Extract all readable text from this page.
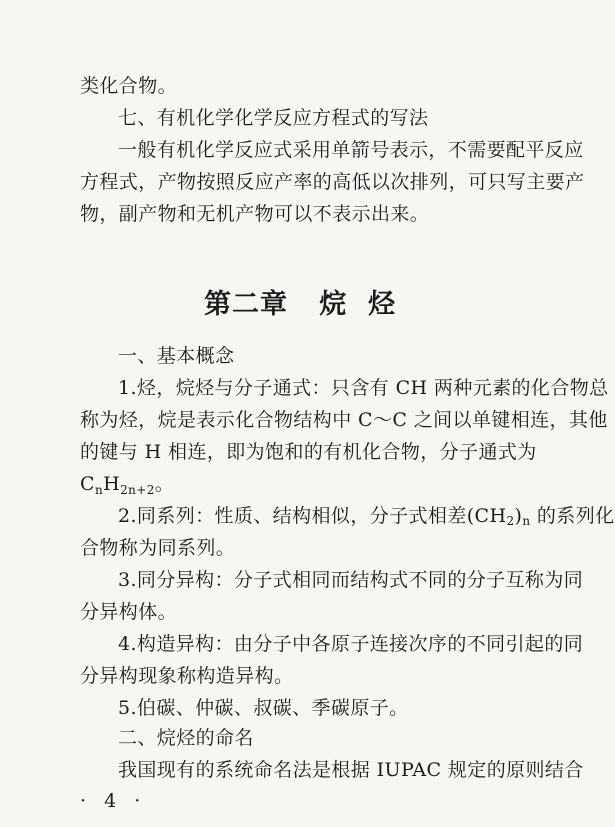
类化合物。
七、有机化学化学反应方程式的写法
一般有机化学反应式采用单箭号表示，不需要配平反应
方程式，产物按照反应产率的高低以次排列，可只写主要产
物，副产物和无机产物可以不表示出来。
第二章   烷  烃
一、基本概念
1.烃，烷烃与分子通式：只含有 CH 两种元素的化合物总
称为烃，烷是表示化合物结构中 C～C 之间以单键相连，其他
的键与 H 相连，即为饱和的有机化合物，分子通式为
$C_nH_{2n+2}$。
2.同系列：性质、结构相似，分子式相差(CH2)n 的系列化
合物称为同系列。
3.同分异构：分子式相同而结构式不同的分子互称为同
分异构体。
4.构造异构：由分子中各原子连接次序的不同引起的同
分异构现象称构造异构。
5.伯碳、仲碳、叔碳、季碳原子。
二、烷烃的命名
我国现有的系统命名法是根据 IUPAC 规定的原则结合
· 4 ·
